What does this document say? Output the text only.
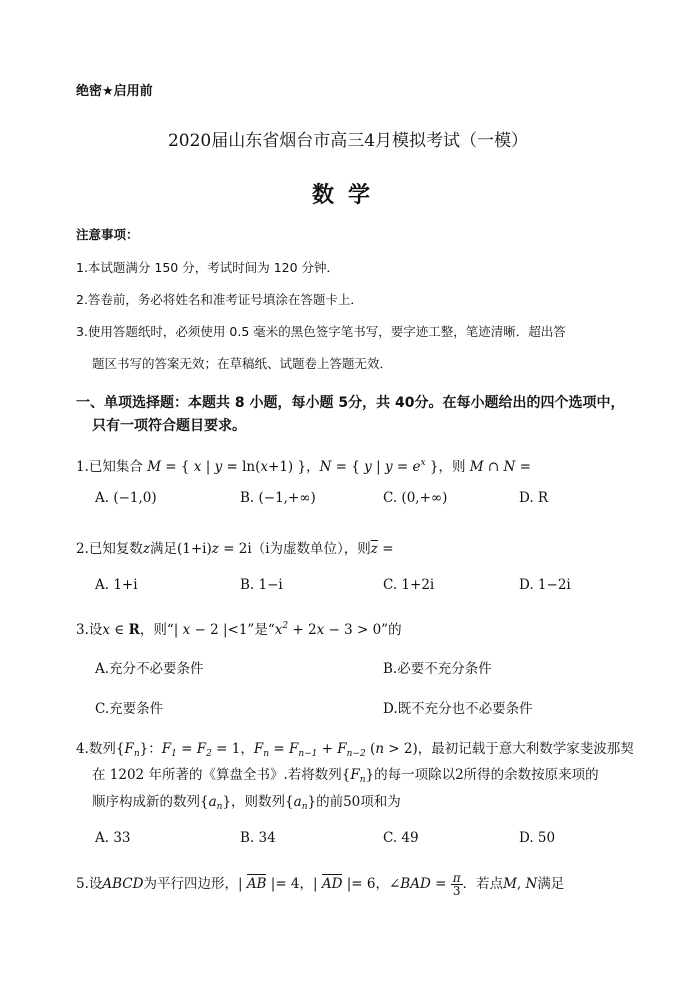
绝密★启用前
2020届山东省烟台市高三4月模拟考试（一模）
数学
注意事项：
1.本试题满分 150 分，考试时间为 120 分钟．
2.答卷前，务必将姓名和准考证号填涂在答题卡上．
3.使用答题纸时，必须使用 0.5 毫米的黑色签字笔书写，要字迹工整，笔迹清晰．超出答
题区书写的答案无效；在草稿纸、试题卷上答题无效．
一、单项选择题：本题共 8 小题，每小题 5分，共 40分。在每小题给出的四个选项中，
只有一项符合题目要求。
1.已知集合 M = { x | y = ln(x+1) }，N = { y | $y = e^x$ }，则 M ∩ N =
A. (−1,0)	B. (−1,+∞)	C. (0,+∞)	D. R
2.已知复数z满足(1+i)z = 2i（i为虚数单位），则$\overline{z}$ =
A. 1+i	B. 1−i	C. 1+2i	D. 1−2i
3.设x ∈ R，则“| x − 2 |<1”是“$x^2 + 2x - 3 > 0$”的
A.充分不必要条件	B.必要不充分条件
C.充要条件	D.既不充分也不必要条件
4.数列$\{F_n\}$：$F_1 = F_2 = 1$，$F_n = F_{n-1} + F_{n-2}$ (n > 2)，最初记载于意大利数学家斐波那契
在 1202 年所著的《算盘全书》.若将数列$\{F_n\}$的每一项除以2所得的余数按原来项的
顺序构成新的数列$\{a_n\}$，则数列$\{a_n\}$的前50项和为
A. 33	B. 34	C. 49	D. 50
5.设ABCD为平行四边形，| AB |= 4，| AD |= 6，∠BAD = $\frac{\pi}{3}$ ．若点M, N满足
